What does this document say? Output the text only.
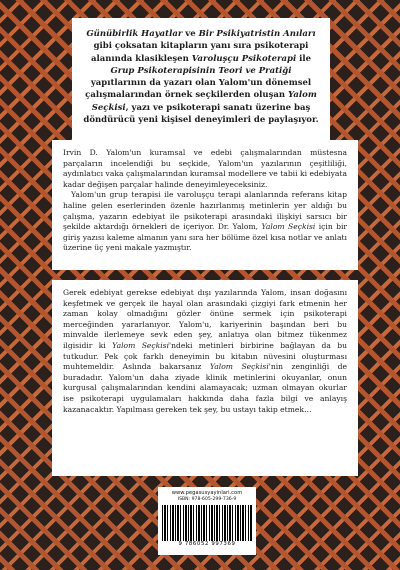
Günübirlik Hayatlar ve Bir Psikiyatristin Anıları gibi çoksatan kitapların yanı sıra psikoterapi alanında klasikleşen Varoluşçu Psikoterapi ile Grup Psikoterapisinin Teori ve Pratiği yapıtlarının da yazarı olan Yalom'un dönemsel çalışmalarından örnek seçkilerden oluşan Yalom Seçkisi, yazı ve psikoterapi sanatı üzerine baş döndürücü yeni kişisel deneyimleri de paylaşıyor.

Irvin D. Yalom'un kuramsal ve edebi çalışmalarından müstesna parçaların incelendiği bu seçkide, Yalom'un yazılarının çeşitliliği, aydınlatıcı vaka çalışmalarından kuramsal modellere ve tabii ki edebiyata kadar değişen parçalar halinde deneyimleyeceksiniz.

Yalom'un grup terapisi ile varoluşçu terapi alanlarında referans kitap haline gelen eserlerinden özenle hazırlanmış metinlerin yer aldığı bu çalışma, yazarın edebiyat ile psikoterapi arasındaki ilişkiyi sarsıcı bir şekilde aktardığı örnekleri de içeriyor. Dr. Yalom, Yalom Seçkisi için bir giriş yazısı kaleme almanın yanı sıra her bölüme özel kısa notlar ve anlatı üzerine üç yeni makale yazmıştır.

Gerek edebiyat gerekse edebiyat dışı yazılarında Yalom, insan doğasını keşfetmek ve gerçek ile hayal olan arasındaki çizgiyi fark etmenin her zaman kolay olmadığını gözler önüne sermek için psikoterapi merceğinden yararlanıyor. Yalom'u, kariyerinin başından beri bu minvalde ilerlemeye sevk eden şey, anlatıya olan bitmez tükenmez ilgisidir ki Yalom Seçkisi'ndeki metinleri birbirine bağlayan da bu tutkudur. Pek çok farklı deneyimin bu kitabın nüvesini oluşturması muhtemeldir. Aslında bakarsanız Yalom Seçkisi'nin zenginliği de buradadır. Yalom'un daha ziyade klinik metinlerini okuyanlar, onun kurgusal çalışmalarından kendini alamayacak; uzman olmayan okurlar ise psikoterapi uygulamaları hakkında daha fazla bilgi ve anlayış kazanacaktır. Yapılması gereken tek şey, bu ustayı takip etmek…

www.pegasusyayinlari.com
ISBN: 978-605-299-736-9
9 786052 997369
